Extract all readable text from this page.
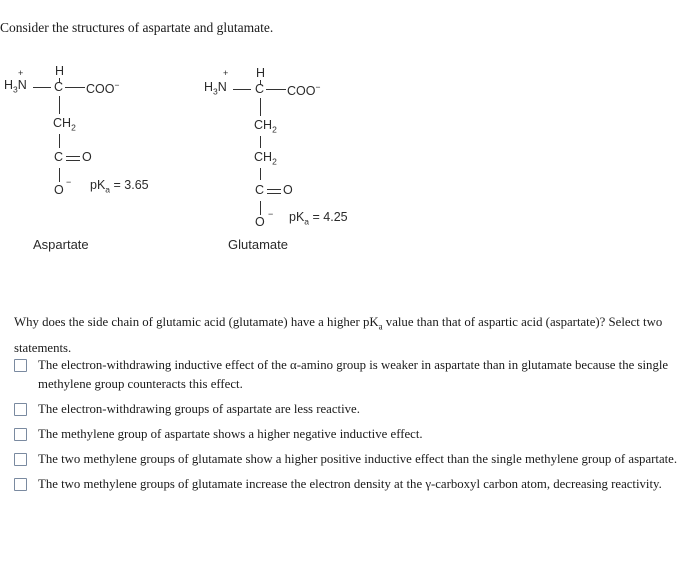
Consider the structures of aspartate and glutamate.
+
$H_3N$
H
C COO−
$CH_2$
C O
O
− $pK_a = 3.65$
Aspartate
+
$H_3N$
H
C COO−
$CH_2$
$CH_2$
C O
O
− $pK_a = 4.25$
Glutamate
Why does the side chain of glutamic acid (glutamate) have a higher $pK_a$ value than that of aspartic acid (aspartate)? Select two statements.
The electron-withdrawing inductive effect of the α-amino group is weaker in aspartate than in glutamate because the single methylene group counteracts this effect.
The electron-withdrawing groups of aspartate are less reactive.
The methylene group of aspartate shows a higher negative inductive effect.
The two methylene groups of glutamate show a higher positive inductive effect than the single methylene group of aspartate.
The two methylene groups of glutamate increase the electron density at the γ-carboxyl carbon atom, decreasing reactivity.
